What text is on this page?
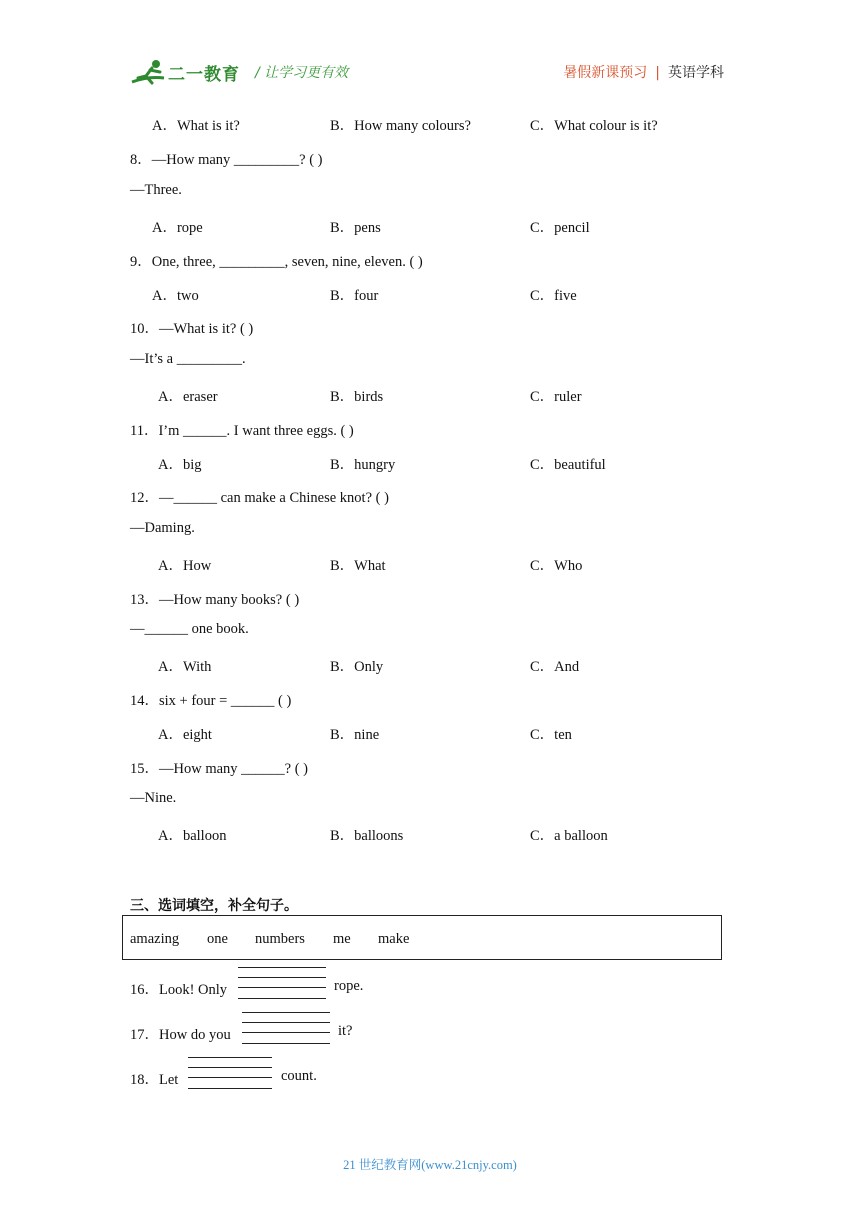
二一教育 / 让学习更有效	暑假新课预习 | 英语学科
A．What is it?	B．How many colours?	C．What colour is it?
8．—How many _________? ( )
—Three.
A．rope	B．pens	C．pencil
9．One, three, _________, seven, nine, eleven. ( )
A．two	B．four	C．five
10．—What is it? ( )
—It’s a _________.
A．eraser	B．birds	C．ruler
11．I’m ______. I want three eggs. ( )
A．big	B．hungry	C．beautiful
12．—______ can make a Chinese knot? ( )
—Daming.
A．How	B．What	C．Who
13．—How many books? ( )
—______ one book.
A．With	B．Only	C．And
14．six + four = ______ ( )
A．eight	B．nine	C．ten
15．—How many ______? ( )
—Nine.
A．balloon	B．balloons	C．a balloon
三、选词填空，补全句子。
amazing one numbers me make
16．Look! Only	rope.
17．How do you	it?
18．Let	count.
21 世纪教育网(www.21cnjy.com)
